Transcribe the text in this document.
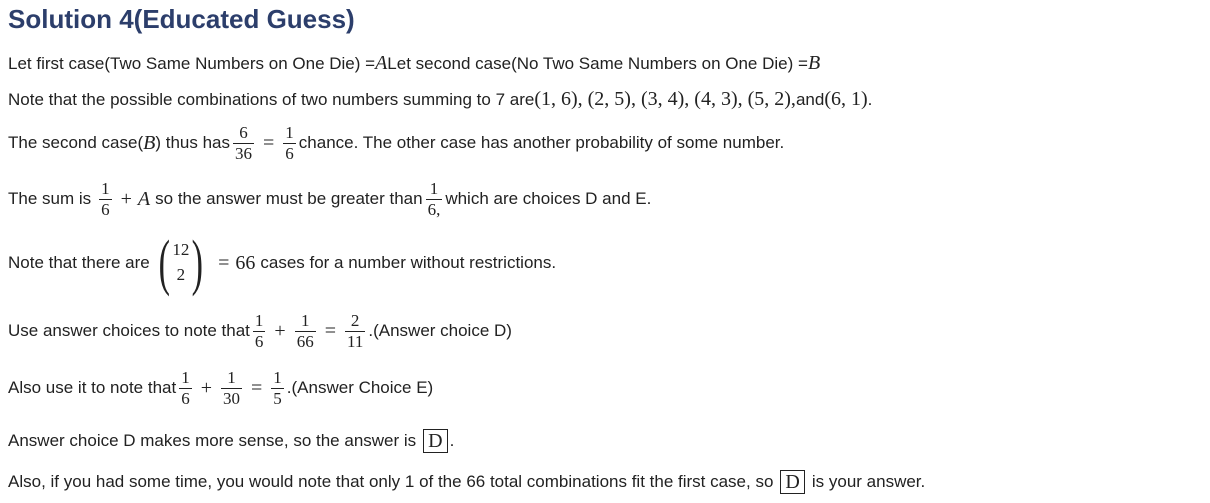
Solution 4(Educated Guess)
Let first case(Two Same Numbers on One Die) = A Let second case(No Two Same Numbers on One Die) = B
Note that the possible combinations of two numbers summing to 7 are (1, 6), (2, 5), (3, 4), (4, 3), (5, 2), and (6, 1) .
The second case( B ) thus has $\frac{6}{36} = \frac{1}{6}$ chance. The other case has another probability of some number.
The sum is $\frac{1}{6} + A$ so the answer must be greater than $\frac{1}{6,}$ which are choices D and E.
Note that there are ( 12
2 ) = 66 cases for a number without restrictions.
Use answer choices to note that $\frac{1}{6} + \frac{1}{66} = \frac{2}{11}$ .(Answer choice D)
Also use it to note that $\frac{1}{6} + \frac{1}{30} = \frac{1}{5}$ .(Answer Choice E)
Answer choice D makes more sense, so the answer is D .
Also, if you had some time, you would note that only 1 of the 66 total combinations fit the first case, so D is your answer.
